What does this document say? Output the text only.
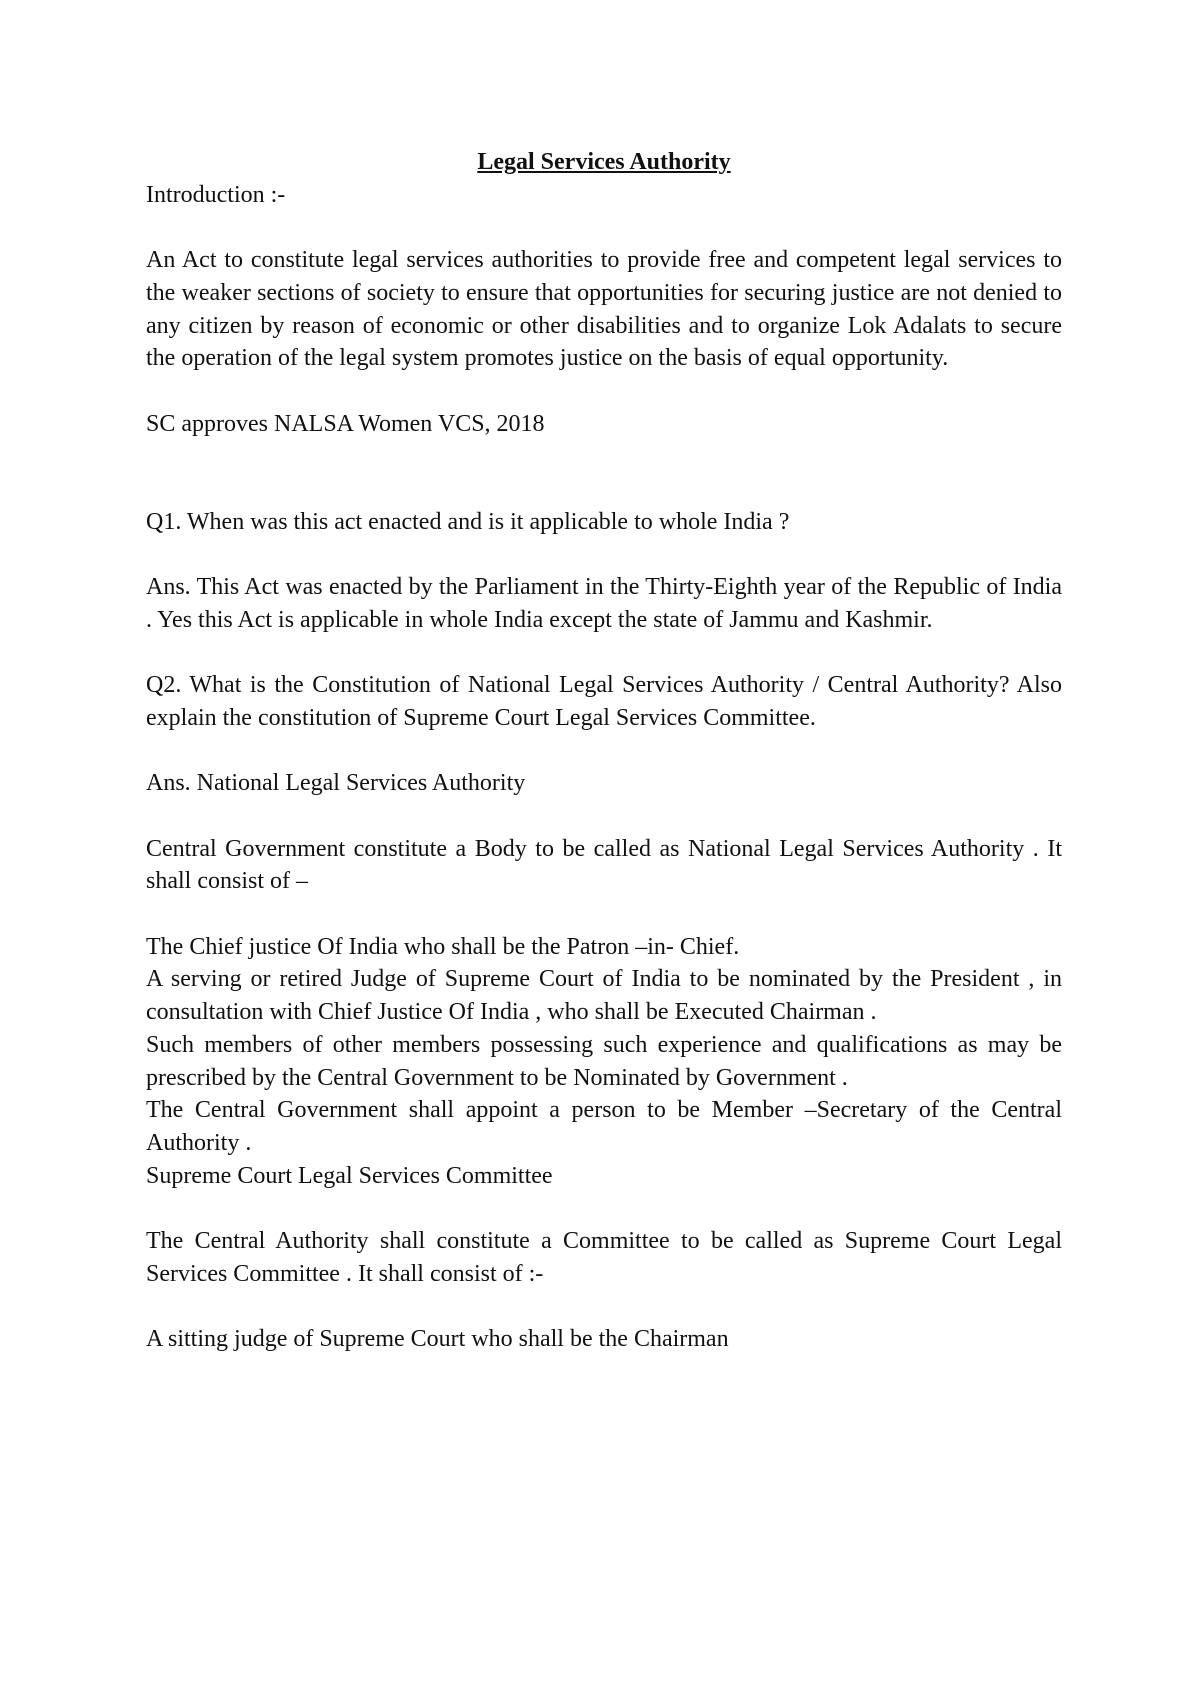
Legal Services Authority

Introduction :-

An Act to constitute legal services authorities to provide free and competent legal services to the weaker sections of society to ensure that opportunities for securing justice are not denied to any citizen by reason of economic or other disabilities and to organize Lok Adalats to secure the operation of the legal system promotes justice on the basis of equal opportunity.

SC approves NALSA Women VCS, 2018

Q1. When was this act enacted and is it applicable to whole India ?

Ans. This Act was enacted by the Parliament in the Thirty-Eighth year of the Republic of India . Yes this Act is applicable in whole India except the state of Jammu and Kashmir.

Q2. What is the Constitution of National Legal Services Authority / Central Authority? Also explain the constitution of Supreme Court Legal Services Committee.

Ans. National Legal Services Authority

Central Government constitute a Body to be called as National Legal Services Authority . It shall consist of –

The Chief justice Of India who shall be the Patron –in- Chief.

A serving or retired Judge of Supreme Court of India to be nominated by the President , in consultation with Chief Justice Of India , who shall be Executed Chairman .

Such members of other members possessing such experience and qualifications as may be prescribed by the Central Government to be Nominated by Government .

The Central Government shall appoint a person to be Member –Secretary of the Central Authority .

Supreme Court Legal Services Committee

The Central Authority shall constitute a Committee to be called as Supreme Court Legal Services Committee . It shall consist of :-

A sitting judge of Supreme Court who shall be the Chairman
